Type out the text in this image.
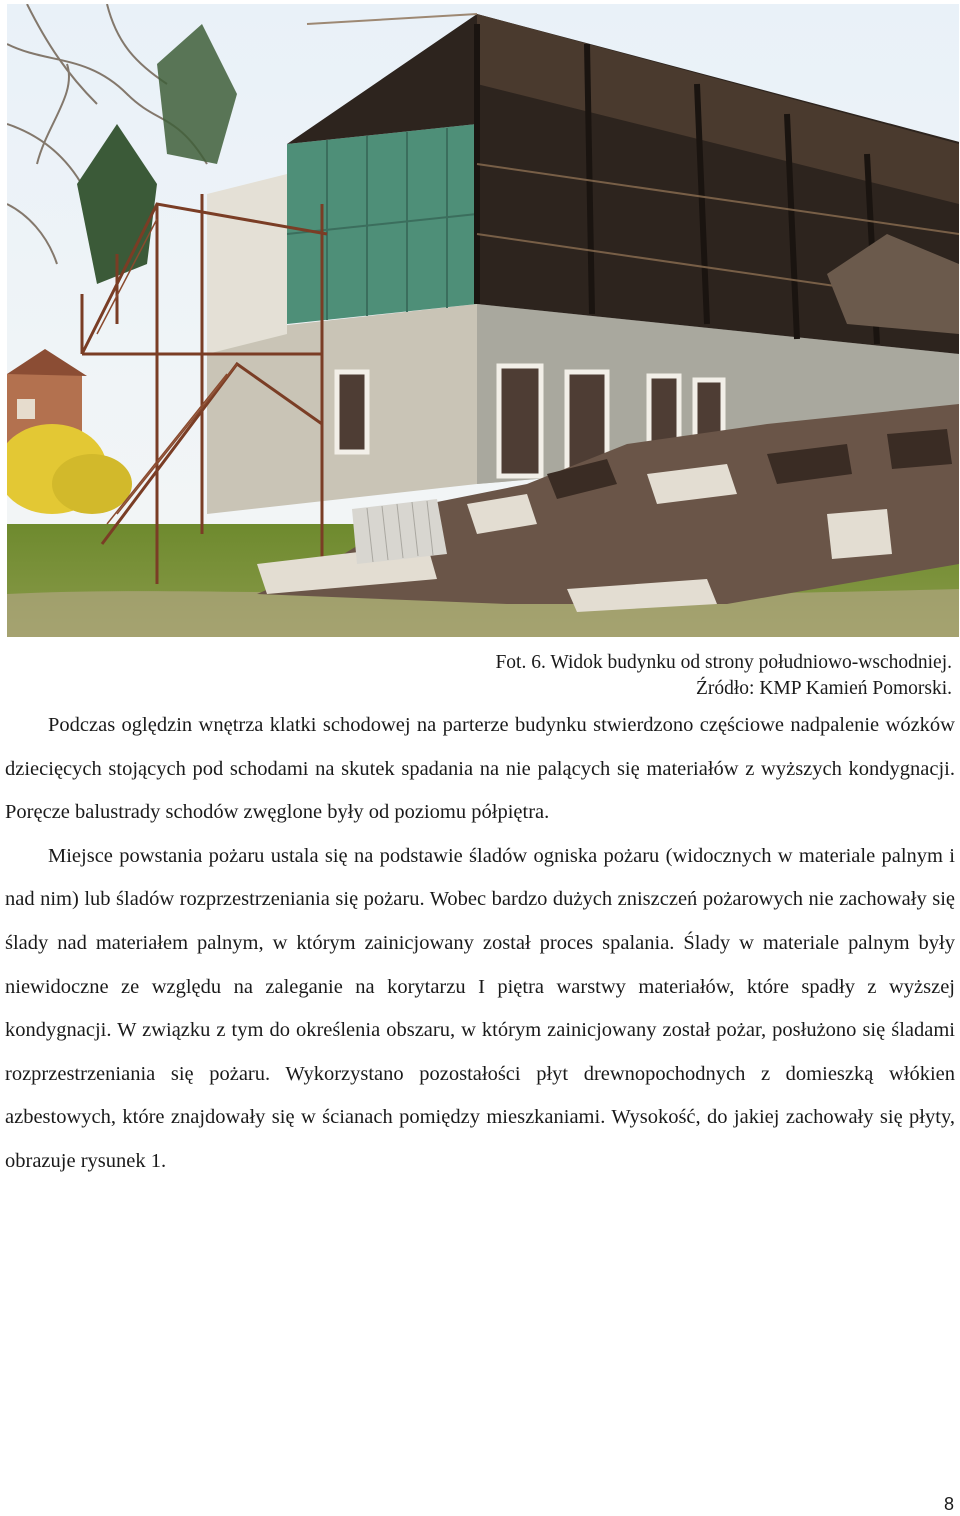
Fot. 6. Widok budynku od strony południowo-wschodniej.
Źródło: KMP Kamień Pomorski.

Podczas oględzin wnętrza klatki schodowej na parterze budynku stwierdzono częściowe nadpalenie wózków dziecięcych stojących pod schodami na skutek spadania na nie palących się materiałów z wyższych kondygnacji. Poręcze balustrady schodów zwęglone były od poziomu półpiętra.

Miejsce powstania pożaru ustala się na podstawie śladów ogniska pożaru (widocznych w materiale palnym i nad nim) lub śladów rozprzestrzeniania się pożaru. Wobec bardzo dużych zniszczeń pożarowych nie zachowały się ślady nad materiałem palnym, w którym zainicjowany został proces spalania. Ślady w materiale palnym były niewidoczne ze względu na zaleganie na korytarzu I piętra warstwy materiałów, które spadły z wyższej kondygnacji. W związku z tym do określenia obszaru, w którym zainicjowany został pożar, posłużono się śladami rozprzestrzeniania się pożaru. Wykorzystano pozostałości płyt drewnopochodnych z domieszką włókien azbestowych, które znajdowały się w ścianach pomiędzy mieszkaniami. Wysokość, do jakiej zachowały się płyty, obrazuje rysunek 1.

8
